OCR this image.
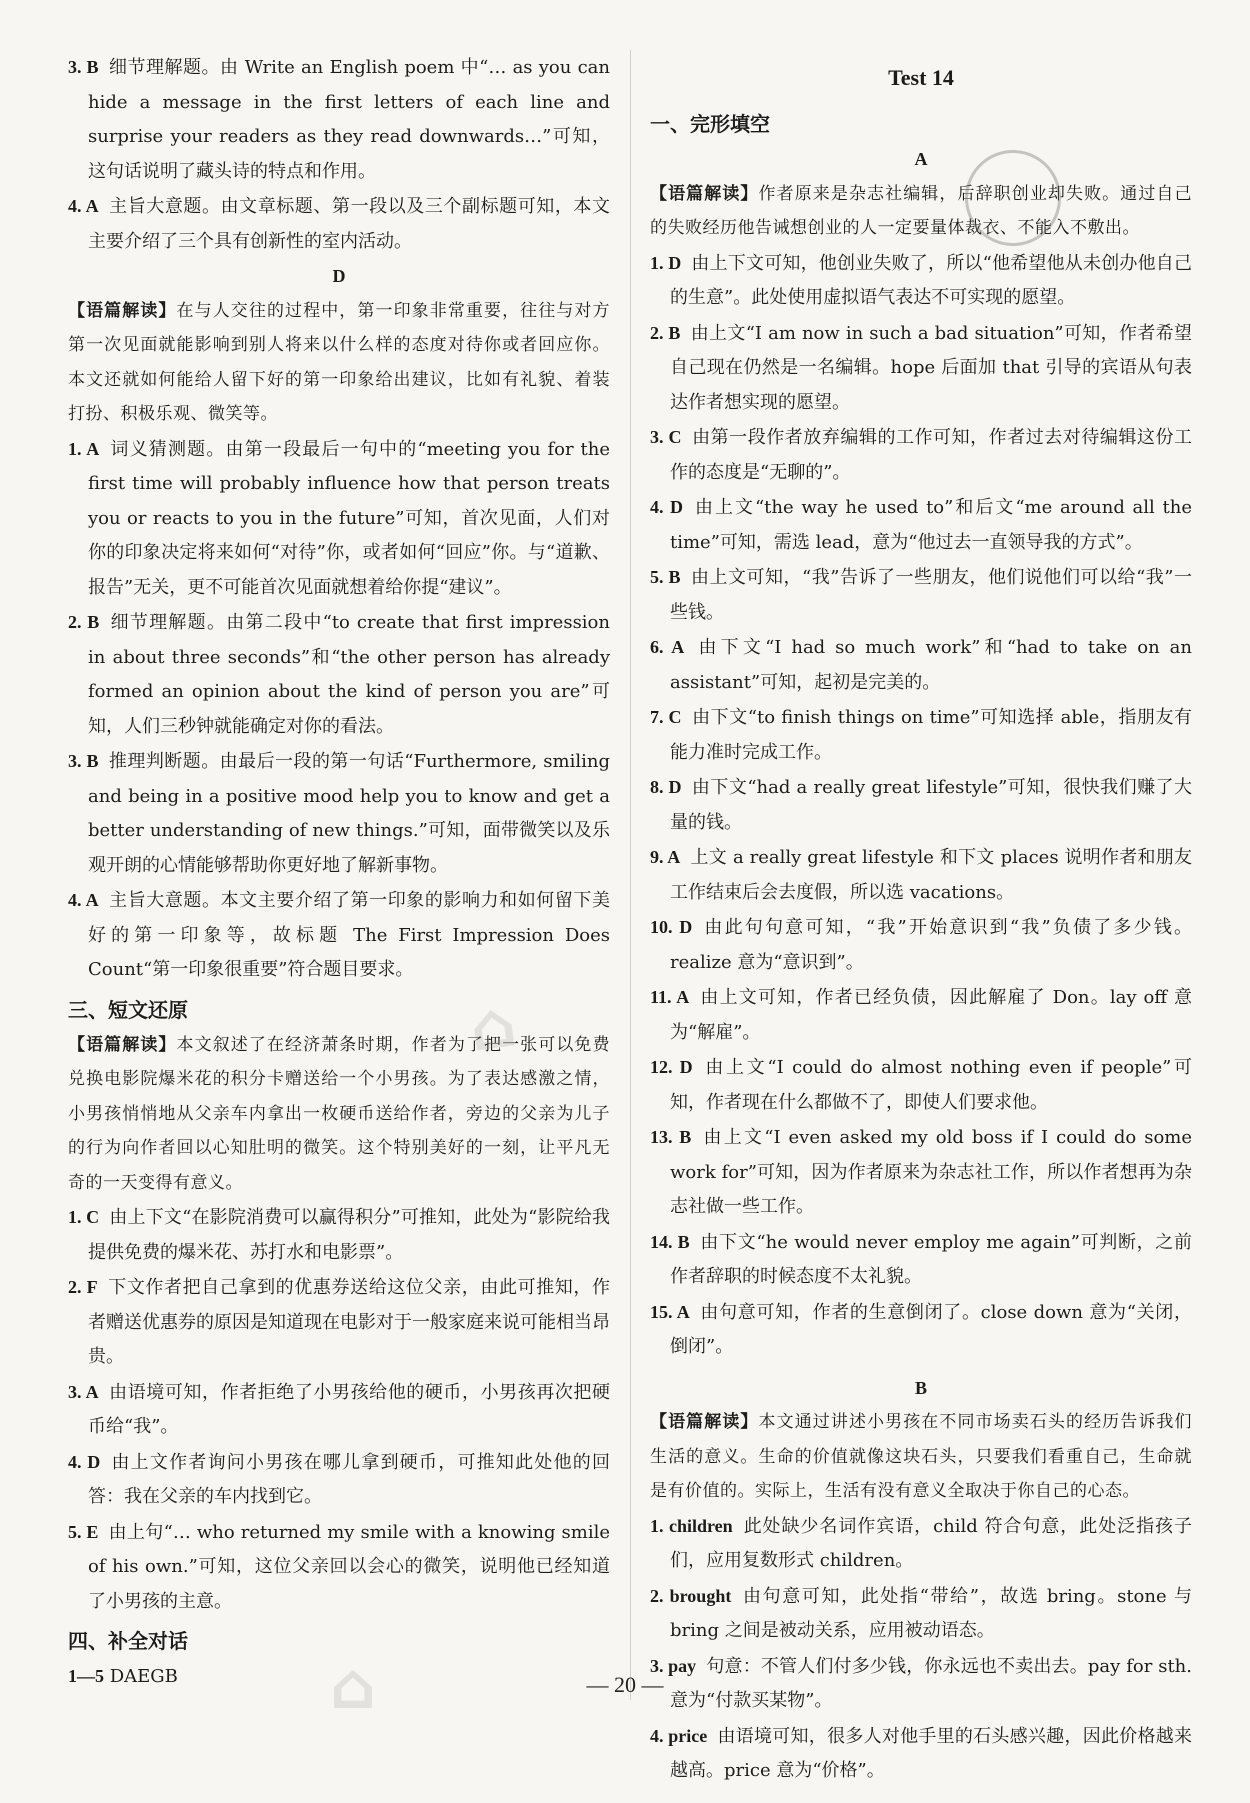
3. B 细节理解题。由 Write an English poem 中“… as you can hide a message in the first letters of each line and surprise your readers as they read downwards…”可知，这句话说明了藏头诗的特点和作用。

4. A 主旨大意题。由文章标题、第一段以及三个副标题可知，本文主要介绍了三个具有创新性的室内活动。

D

【语篇解读】在与人交往的过程中，第一印象非常重要，往往与对方第一次见面就能影响到别人将来以什么样的态度对待你或者回应你。本文还就如何能给人留下好的第一印象给出建议，比如有礼貌、着装打扮、积极乐观、微笑等。

1. A 词义猜测题。由第一段最后一句中的“meeting you for the first time will probably influence how that person treats you or reacts to you in the future”可知，首次见面，人们对你的印象决定将来如何“对待”你，或者如何“回应”你。与“道歉、报告”无关，更不可能首次见面就想着给你提“建议”。

2. B 细节理解题。由第二段中“to create that first impression in about three seconds”和“the other person has already formed an opinion about the kind of person you are”可知，人们三秒钟就能确定对你的看法。

3. B 推理判断题。由最后一段的第一句话“Furthermore, smiling and being in a positive mood help you to know and get a better understanding of new things.”可知，面带微笑以及乐观开朗的心情能够帮助你更好地了解新事物。

4. A 主旨大意题。本文主要介绍了第一印象的影响力和如何留下美好的第一印象等，故标题 The First Impression Does Count“第一印象很重要”符合题目要求。

三、短文还原

【语篇解读】本文叙述了在经济萧条时期，作者为了把一张可以免费兑换电影院爆米花的积分卡赠送给一个小男孩。为了表达感激之情，小男孩悄悄地从父亲车内拿出一枚硬币送给作者，旁边的父亲为儿子的行为向作者回以心知肚明的微笑。这个特别美好的一刻，让平凡无奇的一天变得有意义。

1. C 由上下文“在影院消费可以赢得积分”可推知，此处为“影院给我提供免费的爆米花、苏打水和电影票”。

2. F 下文作者把自己拿到的优惠券送给这位父亲，由此可推知，作者赠送优惠券的原因是知道现在电影对于一般家庭来说可能相当昂贵。

3. A 由语境可知，作者拒绝了小男孩给他的硬币，小男孩再次把硬币给“我”。

4. D 由上文作者询问小男孩在哪儿拿到硬币，可推知此处他的回答：我在父亲的车内找到它。

5. E 由上句“… who returned my smile with a knowing smile of his own.”可知，这位父亲回以会心的微笑，说明他已经知道了小男孩的主意。

四、补全对话

1—5 DAEGB

Test 14

一、完形填空

A

【语篇解读】作者原来是杂志社编辑，后辞职创业却失败。通过自己的失败经历他告诫想创业的人一定要量体裁衣、不能入不敷出。

1. D 由上下文可知，他创业失败了，所以“他希望他从未创办他自己的生意”。此处使用虚拟语气表达不可实现的愿望。

2. B 由上文“I am now in such a bad situation”可知，作者希望自己现在仍然是一名编辑。hope 后面加 that 引导的宾语从句表达作者想实现的愿望。

3. C 由第一段作者放弃编辑的工作可知，作者过去对待编辑这份工作的态度是“无聊的”。

4. D 由上文“the way he used to”和后文“me around all the time”可知，需选 lead，意为“他过去一直领导我的方式”。

5. B 由上文可知，“我”告诉了一些朋友，他们说他们可以给“我”一些钱。

6. A 由下文“I had so much work”和“had to take on an assistant”可知，起初是完美的。

7. C 由下文“to finish things on time”可知选择 able，指朋友有能力准时完成工作。

8. D 由下文“had a really great lifestyle”可知，很快我们赚了大量的钱。

9. A 上文 a really great lifestyle 和下文 places 说明作者和朋友工作结束后会去度假，所以选 vacations。

10. D 由此句句意可知，“我”开始意识到“我”负债了多少钱。realize 意为“意识到”。

11. A 由上文可知，作者已经负债，因此解雇了 Don。lay off 意为“解雇”。

12. D 由上文“I could do almost nothing even if people”可知，作者现在什么都做不了，即使人们要求他。

13. B 由上文“I even asked my old boss if I could do some work for”可知，因为作者原来为杂志社工作，所以作者想再为杂志社做一些工作。

14. B 由下文“he would never employ me again”可判断，之前作者辞职的时候态度不太礼貌。

15. A 由句意可知，作者的生意倒闭了。close down 意为“关闭，倒闭”。

B

【语篇解读】本文通过讲述小男孩在不同市场卖石头的经历告诉我们生活的意义。生命的价值就像这块石头，只要我们看重自己，生命就是有价值的。实际上，生活有没有意义全取决于你自己的心态。

1. children 此处缺少名词作宾语，child 符合句意，此处泛指孩子们，应用复数形式 children。

2. brought 由句意可知，此处指“带给”，故选 bring。stone 与 bring 之间是被动关系，应用被动语态。

3. pay 句意：不管人们付多少钱，你永远也不卖出去。pay for sth. 意为“付款买某物”。

4. price 由语境可知，很多人对他手里的石头感兴趣，因此价格越来越高。price 意为“价格”。

⌂
⌂	— 20 —
